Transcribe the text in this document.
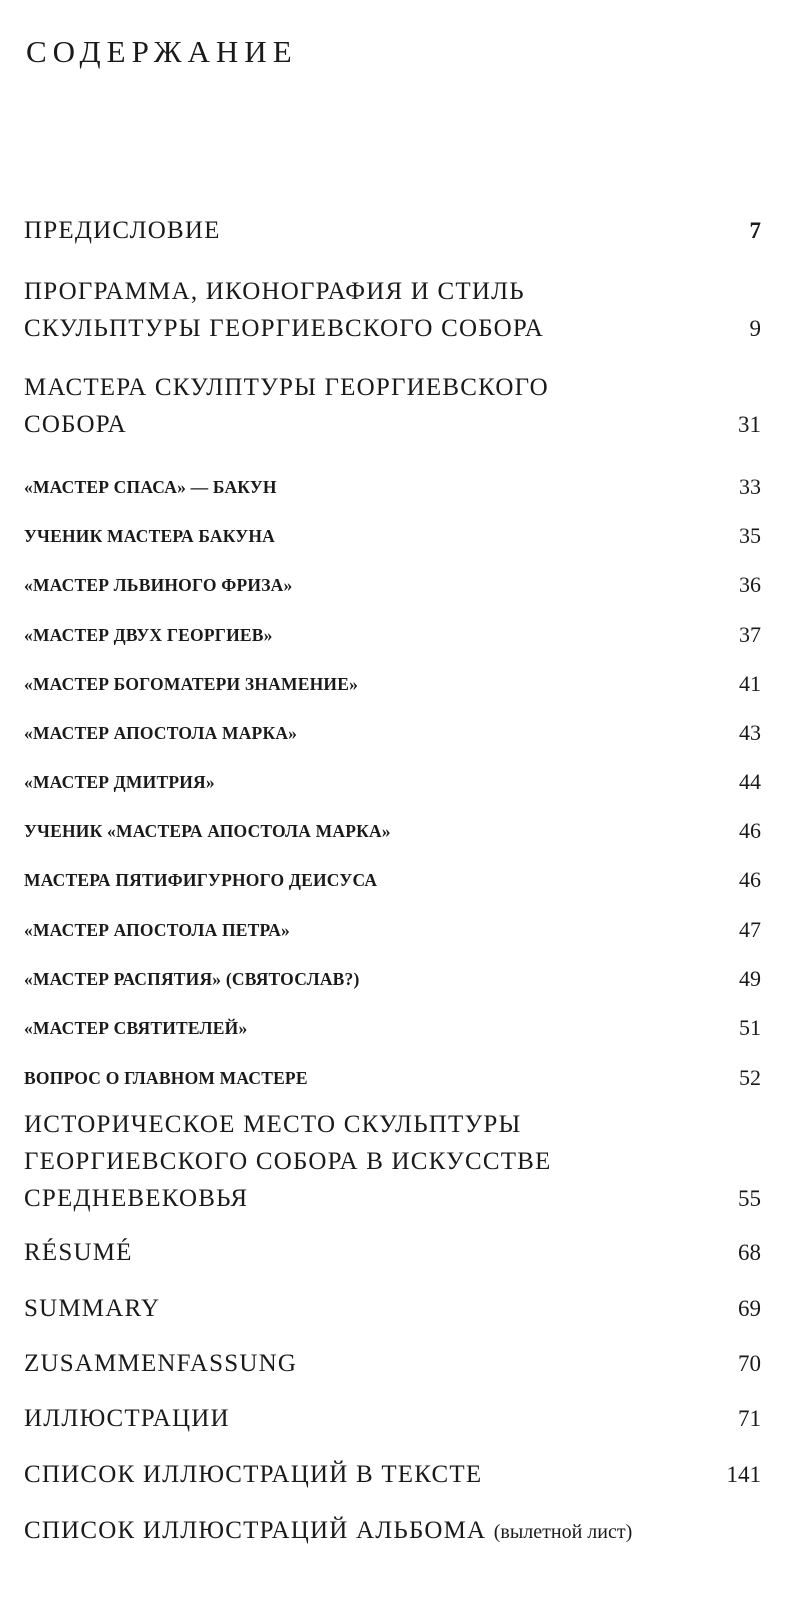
СОДЕРЖАНИЕ
ПРЕДИСЛОВИЕ	7
ПРОГРАММА, ИКОНОГРАФИЯ И СТИЛЬ
СКУЛЬПТУРЫ ГЕОРГИЕВСКОГО СОБОРА	9
МАСТЕРА СКУЛПТУРЫ ГЕОРГИЕВСКОГО
СОБОРА	31
«МАСТЕР СПАСА» — БАКУН	33
УЧЕНИК МАСТЕРА БАКУНА	35
«МАСТЕР ЛЬВИНОГО ФРИЗА»	36
«МАСТЕР ДВУХ ГЕОРГИЕВ»	37
«МАСТЕР БОГОМАТЕРИ ЗНАМЕНИЕ»	41
«МАСТЕР АПОСТОЛА МАРКА»	43
«МАСТЕР ДМИТРИЯ»	44
УЧЕНИК «МАСТЕРА АПОСТОЛА МАРКА»	46
МАСТЕРА ПЯТИФИГУРНОГО ДЕИСУСА	46
«МАСТЕР АПОСТОЛА ПЕТРА»	47
«МАСТЕР РАСПЯТИЯ» (СВЯТОСЛАВ?)	49
«МАСТЕР СВЯТИТЕЛЕЙ»	51
ВОПРОС О ГЛАВНОМ МАСТЕРЕ	52
ИСТОРИЧЕСКОЕ МЕСТО СКУЛЬПТУРЫ
ГЕОРГИЕВСКОГО СОБОРА В ИСКУССТВЕ
СРЕДНЕВЕКОВЬЯ	55
RÉSUMÉ	68
SUMMARY	69
ZUSAMMENFASSUNG	70
ИЛЛЮСТРАЦИИ	71
СПИСОК ИЛЛЮСТРАЦИЙ В ТЕКСТЕ	141
СПИСОК ИЛЛЮСТРАЦИЙ АЛЬБОМА (вылетной лист)
